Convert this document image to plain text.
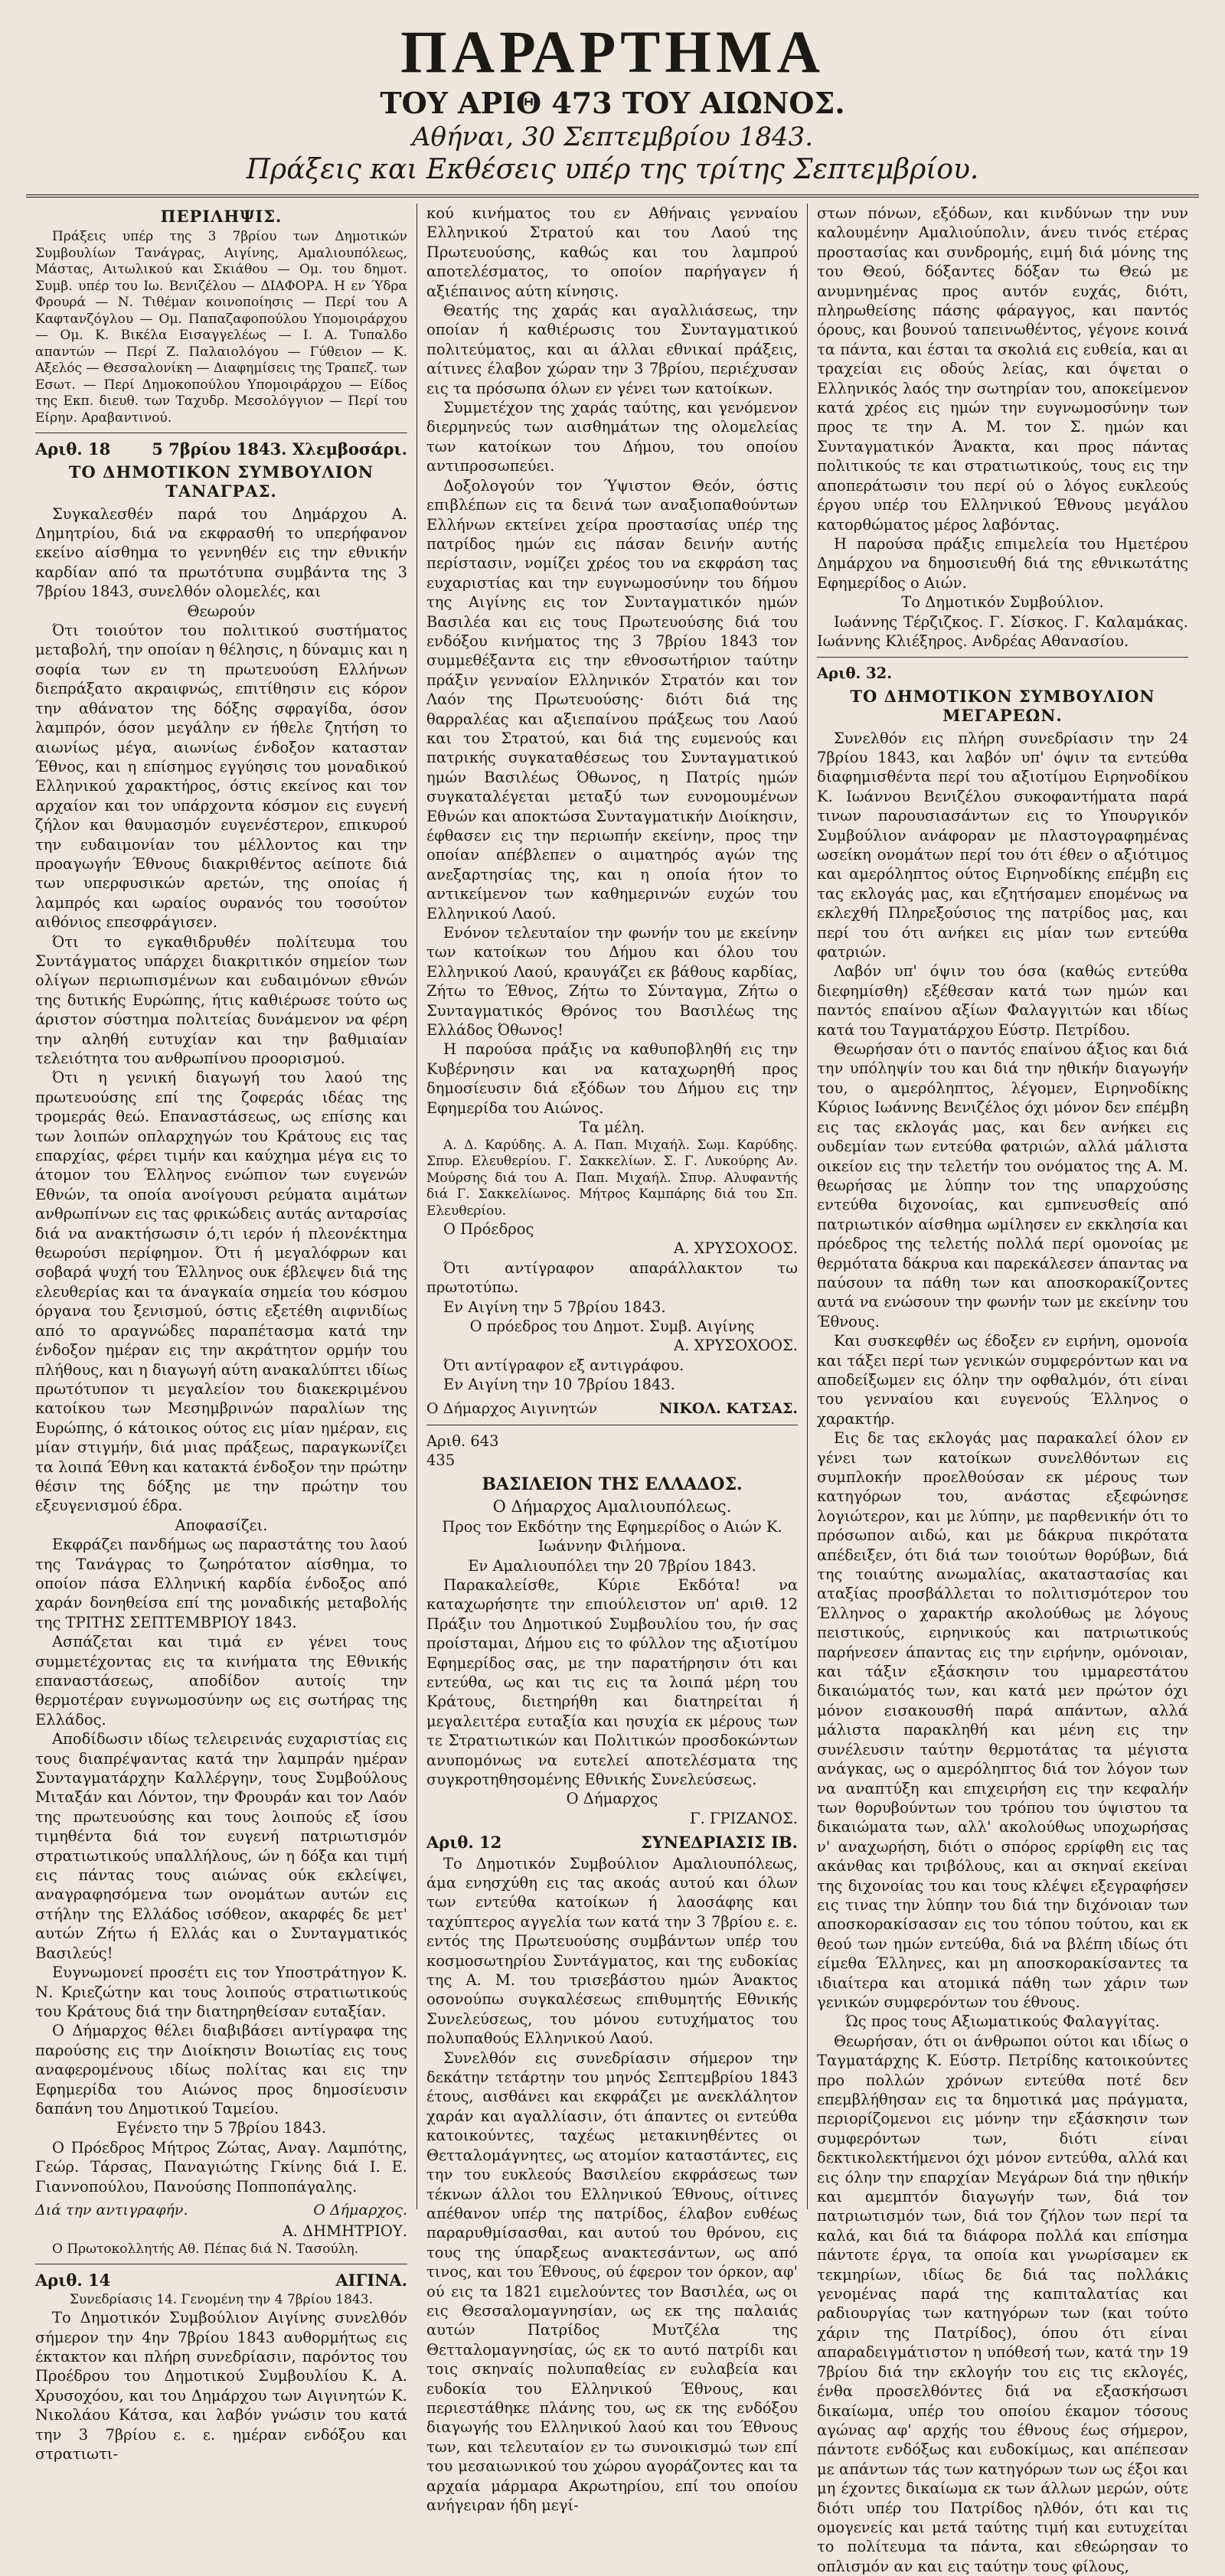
ΠΑΡΑΡΤΗΜΑ
ΤΟΥ ΑΡΙΘ 473 ΤΟΥ ΑΙΩΝΟΣ.
Αθήναι, 30 Σεπτεμβρίου 1843.
Πράξεις και Εκθέσεις υπέρ της τρίτης Σεπτεμβρίου.
ΠΕΡΙΛΗΨΙΣ.

Πράξεις υπέρ της 3 7βρίου των Δημοτικών Συμβουλίων Τανάγρας, Αιγίνης, Αμαλιουπόλεως, Μάστας, Αιτωλικού και Σκιάθου — Ομ. του δημοτ. Συμβ. υπέρ του Ιω. Βενιζέλου — ΔΙΑΦΟΡΑ. Η εν Ύδρα Φρουρά — Ν. Τιθέμαν κοινοποίησις — Περί του Α Καφτανζόγλου — Ομ. Παπαζαφοπούλου Υπομοιράρχου — Ομ. Κ. Βικέλα Εισαγγελέως — Ι. Α. Τυπαλδο απαντών — Περί Ζ. Παλαιολόγου — Γύθειον — Κ. Αξελός — Θεσσαλονίκη — Διαφημίσεις της Τραπεζ. των Εσωτ. — Περί Δημοκοπούλου Υπομοιράρχου — Είδος της Εκπ. διευθ. των Ταχυδρ. Μεσολόγγιον — Περί του Είρην. Αραβαντινού.

Αριθ. 18	5 7βρίου 1843. Χλεμβοσάρι.
ΤΟ ΔΗΜΟΤΙΚΟΝ ΣΥΜΒΟΥΛΙΟΝ ΤΑΝΑΓΡΑΣ.

Συγκαλεσθέν παρά του Δημάρχου Α. Δημητρίου, διά να εκφρασθή το υπερήφανον εκείνο αίσθημα το γεννηθέν εις την εθνικήν καρδίαν από τα πρωτότυπα συμβάντα της 3 7βρίου 1843, συνελθόν ολομελές, και

Θεωρούν

Ότι τοιούτον του πολιτικού συστήματος μεταβολή, την οποίαν η θέλησις, η δύναμις και η σοφία των εν τη πρωτευούση Ελλήνων διεπράξατο ακραιφνώς, επιτίθησιν εις κόρον την αθάνατον της δόξης σφραγίδα, όσον λαμπρόν, όσον μεγάλην εν ήθελε ζητήση το αιωνίως μέγα, αιωνίως ένδοξον κατασταν Έθνος, και η επίσημος εγγύησις του μοναδικού Ελληνικού χαρακτήρος, όστις εκείνος και τον αρχαίον και τον υπάρχοντα κόσμον εις ευγενή ζήλον και θαυμασμόν ευγενέστερον, επικυρού την ευδαιμονίαν του μέλλοντος και την προαγωγήν Έθνους διακριθέντος αείποτε διά των υπερφυσικών αρετών, της οποίας ή λαμπρός και ωραίος ουρανός του τοσούτον αιθόνιος επεσφράγισεν.

Ότι το εγκαθιδρυθέν πολίτευμα του Συντάγματος υπάρχει διακριτικόν σημείον των ολίγων περιωπισμένων και ευδαιμόνων εθνών της δυτικής Ευρώπης, ήτις καθιέρωσε τούτο ως άριστον σύστημα πολιτείας δυνάμενον να φέρη την αληθή ευτυχίαν και την βαθμιαίαν τελειότητα του ανθρωπίνου προορισμού.

Ότι η γενική διαγωγή του λαού της πρωτευούσης επί της ζοφεράς ιδέας της τρομεράς θεώ. Επαναστάσεως, ως επίσης και των λοιπών οπλαρχηγών του Κράτους εις τας επαρχίας, φέρει τιμήν και καύχημα μέγα εις το άτομον του Έλληνος ενώπιον των ευγενών Εθνών, τα οποία ανοίγουσι ρεύματα αιμάτων ανθρωπίνων εις τας φρικώδεις αυτάς ανταρσίας διά να ανακτήσωσιν ό,τι ιερόν ή πλεονέκτημα θεωρούσι περίφημον. Ότι ή μεγαλόφρων και σοβαρά ψυχή του Έλληνος ουκ έβλεψεν διά της ελευθερίας και τα άναγκαία σημεία του κόσμου όργανα του ξενισμού, όστις εξετέθη αιφνιδίως από το αραγνώδες παραπέτασμα κατά την ένδοξον ημέραν εις την ακράτητον ορμήν του πλήθους, και η διαγωγή αύτη ανακαλύπτει ιδίως πρωτότυπον τι μεγαλείον του διακεκριμένου κατοίκου των Μεσημβρινών παραλίων της Ευρώπης, ό κάτοικος ούτος εις μίαν ημέραν, εις μίαν στιγμήν, διά μιας πράξεως, παραγκωνίζει τα λοιπά Έθνη και κατακτά ένδοξον την πρώτην θέσιν της δόξης με την πρώτην του εξευγενισμού έδρα.

Αποφασίζει.

Εκφράζει πανδήμως ως παραστάτης του λαού της Τανάγρας το ζωηρότατον αίσθημα, το οποίον πάσα Ελληνική καρδία ένδοξος από χαράν δονηθείσα επί της μοναδικής μεταβολής της ΤΡΙΤΗΣ ΣΕΠΤΕΜΒΡΙΟΥ 1843.

Ασπάζεται και τιμά εν γένει τους συμμετέχοντας εις τα κινήματα της Εθνικής επαναστάσεως, αποδίδον αυτοίς την θερμοτέραν ευγνωμοσύνην ως εις σωτήρας της Ελλάδος.

Αποδίδωσιν ιδίως τελειρεινάς ευχαριστίας εις τους διαπρέψαντας κατά την λαμπράν ημέραν Συνταγματάρχην Καλλέργην, τους Συμβούλους Μιταξάν και Λόντον, την Φρουράν και τον Λαόν της πρωτευούσης και τους λοιπούς εξ ίσου τιμηθέντα διά τον ευγενή πατριωτισμόν στρατιωτικούς υπαλλήλους, ών η δόξα και τιμή εις πάντας τους αιώνας ούκ εκλείψει, αναγραφησόμενα των ονομάτων αυτών εις στήλην της Ελλάδος ισόθεον, ακαρφές δε μετ' αυτών Ζήτω ή Ελλάς και ο Συνταγματικός Βασιλεύς!

Ευγνωμονεί προσέτι εις τον Υποστράτηγον Κ. Ν. Κριεζώτην και τους λοιπούς στρατιωτικούς του Κράτους διά την διατηρηθείσαν ευταξίαν.

Ο Δήμαρχος θέλει διαβιβάσει αντίγραφα της παρούσης εις την Διοίκησιν Βοιωτίας εις τους αναφερομένους ιδίως πολίτας και εις την Εφημερίδα του Αιώνος προς δημοσίευσιν δαπάνη του Δημοτικού Ταμείου.

Εγένετο την 5 7βρίου 1843.

Ο Πρόεδρος Μήτρος Ζώτας, Αναγ. Λαμπότης, Γεώρ. Τάρσας, Παναγιώτης Γκίνης διά Ι. Ε. Γιαννοπούλου, Πανούσης Ποπποπάγαλης.

Διά την αντιγραφήν.	Ο Δήμαρχος.

Α. ΔΗΜΗΤΡΙΟΥ.

Ο Πρωτοκολλητής Αθ. Πέπας διά Ν. Τασούλη.

Αριθ. 14	ΑΙΓΙΝΑ.

Συνεδρίασις 14. Γενομένη την 4 7βρίου 1843.

Το Δημοτικόν Συμβούλιον Αιγίνης συνελθόν σήμερον την 4ην 7βρίου 1843 αυθορμήτως εις έκτακτον και πλήρη συνεδρίασιν, παρόντος του Προέδρου του Δημοτικού Συμβουλίου Κ. Α. Χρυσοχόου, και του Δημάρχου των Αιγινητών Κ. Νικολάου Κάτσα, και λαβόν γνώσιν του κατά την 3 7βρίου ε. ε. ημέραν ενδόξου και στρατιωτι-

κού κινήματος του εν Αθήναις γενναίου Ελληνικού Στρατού και του Λαού της Πρωτευούσης, καθώς και του λαμπρού αποτελέσματος, το οποίον παρήγαγεν ή αξιέπαινος αύτη κίνησις.

Θεατής της χαράς και αγαλλιάσεως, την οποίαν ή καθιέρωσις του Συνταγματικού πολιτεύματος, και αι άλλαι εθνικαί πράξεις, αίτινες έλαβον χώραν την 3 7βρίου, περιέχυσαν εις τα πρόσωπα όλων εν γένει των κατοίκων.

Συμμετέχον της χαράς ταύτης, και γενόμενον διερμηνεύς των αισθημάτων της ολομελείας των κατοίκων του Δήμου, του οποίου αντιπροσωπεύει.

Δοξολογούν τον Ύψιστον Θεόν, όστις επιβλέπων εις τα δεινά των αναξιοπαθούντων Ελλήνων εκτείνει χείρα προστασίας υπέρ της πατρίδος ημών εις πάσαν δεινήν αυτής περίστασιν, νομίζει χρέος του να εκφράση τας ευχαριστίας και την ευγνωμοσύνην του δήμου της Αιγίνης εις τον Συνταγματικόν ημών Βασιλέα και εις τους Πρωτευούσης διά του ενδόξου κινήματος της 3 7βρίου 1843 τον συμμεθέξαντα εις την εθνοσωτήριον ταύτην πράξιν γενναίον Ελληνικόν Στρατόν και τον Λαόν της Πρωτευούσης· διότι διά της θαρραλέας και αξιεπαίνου πράξεως του Λαού και του Στρατού, και διά της ευμενούς και πατρικής συγκαταθέσεως του Συνταγματικού ημών Βασιλέως Όθωνος, η Πατρίς ημών συγκαταλέγεται μεταξύ των ευνομουμένων Εθνών και αποκτώσα Συνταγματικήν Διοίκησιν, έφθασεν εις την περιωπήν εκείνην, προς την οποίαν απέβλεπεν ο αιματηρός αγών της ανεξαρτησίας της, και η οποία ήτον το αντικείμενον των καθημερινών ευχών του Ελληνικού Λαού.

Ενόνον τελευταίον την φωνήν του με εκείνην των κατοίκων του Δήμου και όλου του Ελληνικού Λαού, κραυγάζει εκ βάθους καρδίας, Ζήτω το Έθνος, Ζήτω το Σύνταγμα, Ζήτω ο Συνταγματικός Θρόνος του Βασιλέως της Ελλάδος Όθωνος!

Η παρούσα πράξις να καθυποβληθή εις την Κυβέρνησιν και να καταχωρηθή προς δημοσίευσιν διά εξόδων του Δήμου εις την Εφημερίδα του Αιώνος.

Τα μέλη.

Α. Δ. Καρύδης. Α. Α. Παπ. Μιχαήλ. Σωμ. Καρύδης. Σπυρ. Ελευθερίου. Γ. Σακκελίων. Σ. Γ. Λυκούρης Αν. Μούρσης διά του Α. Παπ. Μιχαήλ. Σπυρ. Αλυφαντής διά Γ. Σακκελίωνος. Μήτρος Καμπάρης διά του Σπ. Ελευθερίου.

Ο Πρόεδρος

Α. ΧΡΥΣΟΧΟΟΣ.

Ότι αντίγραφον απαράλλακτον τω πρωτοτύπω.

Εν Αιγίνη την 5 7βρίου 1843.

Ο πρόεδρος του Δημοτ. Συμβ. Αιγίνης

Α. ΧΡΥΣΟΧΟΟΣ.

Ότι αντίγραφον εξ αντιγράφου.

Εν Αιγίνη την 10 7βρίου 1843.

Ο Δήμαρχος Αιγινητών	ΝΙΚΟΛ. ΚΑΤΣΑΣ.

Αριθ. 643

435

ΒΑΣΙΛΕΙΟΝ ΤΗΣ ΕΛΛΑΔΟΣ.

Ο Δήμαρχος Αμαλιουπόλεως.

Προς τον Εκδότην της Εφημερίδος ο Αιών Κ. Ιωάννην Φιλήμονα.

Εν Αμαλιουπόλει την 20 7βρίου 1843.

Παρακαλείσθε, Κύριε Εκδότα! να καταχωρήσητε την επιούλειστον υπ' αριθ. 12 Πράξιν του Δημοτικού Συμβουλίου του, ήν σας προίσταμαι, Δήμου εις το φύλλον της αξιοτίμου Εφημερίδος σας, με την παρατήρησιν ότι και εντεύθα, ως και τις εις τα λοιπά μέρη του Κράτους, διετηρήθη και διατηρείται ή μεγαλειτέρα ευταξία και ησυχία εκ μέρους των τε Στρατιωτικών και Πολιτικών προσδοκώντων ανυπομόνως να ευτελεί αποτελέσματα της συγκροτηθησομένης Εθνικής Συνελεύσεως.

Ο Δήμαρχος

Γ. ΓΡΙΖΑΝΟΣ.

Αριθ. 12	ΣΥΝΕΔΡΙΑΣΙΣ ΙΒ.

Το Δημοτικόν Συμβούλιον Αμαλιουπόλεως, άμα ενησχύθη εις τας ακοάς αυτού και όλων των εντεύθα κατοίκων ή λαοσάφης και ταχύπτερος αγγελία των κατά την 3 7βρίου ε. ε. εντός της Πρωτευούσης συμβάντων υπέρ του κοσμοσωτηρίου Συντάγματος, και της ευδοκίας της Α. Μ. του τρισεβάστου ημών Άνακτος οσονούπω συγκαλέσεως επιθυμητής Εθνικής Συνελεύσεως, του μόνου ευτυχήματος του πολυπαθούς Ελληνικού Λαού.

Συνελθόν εις συνεδρίασιν σήμερον την δεκάτην τετάρτην του μηνός Σεπτεμβρίου 1843 έτους, αισθάνει και εκφράζει με ανεκλάλητον χαράν και αγαλλίασιν, ότι άπαντες οι εντεύθα κατοικούντες, ταχέως μετακινηθέντες οι Θετταλομάγνητες, ως ατομίον καταστάντες, εις την του ευκλεούς Βασιλείου εκφράσεως των τέκνων άλλοι του Ελληνικού Έθνους, οίτινες απέθανον υπέρ της πατρίδος, έλαβον ευθέως παραρυθμίσασθαι, και αυτού του θρόνου, εις τους της ύπαρξεως ανακτεσάντων, ως από τινος, και του Έθνους, ού έφερον τον όρκον, αφ' ού εις τα 1821 ειμελούντες τον Βασιλέα, ως οι εις Θεσσαλομαγνησίαν, ως εκ της παλαιάς αυτών Πατρίδος Μυτζέλα της Θετταλομαγνησίας, ώς εκ το αυτό πατρίδι και τοις σκηναίς πολυπαθείας εν ευλαβεία και ευδοκία του Ελληνικού Έθνους, και περιεστάθηκε πλάνης του, ως εκ της ενδόξου διαγωγής του Ελληνικού λαού και του Έθνους των, και τελευταίον εν τω συνοικισμώ των επί του μεσαιωνικού του χώρου αγοράζοντες και τα αρχαία μάρμαρα Ακρωτηρίου, επί του οποίου ανήγειραν ήδη μεγί-

στων πόνων, εξόδων, και κινδύνων την νυν καλουμένην Αμαλιούπολιν, άνευ τινός ετέρας προστασίας και συνδρομής, ειμή διά μόνης της του Θεού, δόξαντες δόξαν τω Θεώ με ανυμνημένας προς αυτόν ευχάς, διότι, πληρωθείσης πάσης φάραγγος, και παντός όρους, και βουνού ταπεινωθέντος, γέγονε κοινά τα πάντα, και έσται τα σκολιά εις ευθεία, και αι τραχείαι εις οδούς λείας, και όψεται ο Ελληνικός λαός την σωτηρίαν του, αποκείμενον κατά χρέος εις ημών την ευγνωμοσύνην των προς τε την Α. Μ. τον Σ. ημών και Συνταγματικόν Άνακτα, και προς πάντας πολιτικούς τε και στρατιωτικούς, τους εις την αποπεράτωσιν του περί ού ο λόγος ευκλεούς έργου υπέρ του Ελληνικού Έθνους μεγάλου κατορθώματος μέρος λαβόντας.

Η παρούσα πράξις επιμελεία του Ημετέρου Δημάρχου να δημοσιευθή διά της εθνικωτάτης Εφημερίδος ο Αιών.

Το Δημοτικόν Συμβούλιον.

Ιωάννης Τέρζιζκος. Γ. Σίσκος. Γ. Καλαμάκας. Ιωάννης Κλιέξηρος. Ανδρέας Αθανασίου.

Αριθ. 32.

ΤΟ ΔΗΜΟΤΙΚΟΝ ΣΥΜΒΟΥΛΙΟΝ ΜΕΓΑΡΕΩΝ.

Συνελθόν εις πλήρη συνεδρίασιν την 24 7βρίου 1843, και λαβόν υπ' όψιν τα εντεύθα διαφημισθέντα περί του αξιοτίμου Ειρηνοδίκου Κ. Ιωάννου Βενιζέλου συκοφαντήματα παρά τινων παρουσιασάντων εις το Υπουργικόν Συμβούλιον ανάφοραν με πλαστογραφημένας ωσείκη ονομάτων περί του ότι έθεν ο αξιότιμος και αμερόληπτος ούτος Ειρηνοδίκης επέμβη εις τας εκλογάς μας, και εζητήσαμεν επομένως να εκλεχθή Πληρεξούσιος της πατρίδος μας, και περί του ότι ανήκει εις μίαν των εντεύθα φατριών.

Λαβόν υπ' όψιν του όσα (καθώς εντεύθα διεφημίσθη) εξέθεσαν κατά των ημών και παντός επαίνου αξίων Φαλαγγιτών και ιδίως κατά του Ταγματάρχου Εύστρ. Πετρίδου.

Θεωρήσαν ότι ο παντός επαίνου άξιος και διά την υπόληψίν του και διά την ηθικήν διαγωγήν του, ο αμερόληπτος, λέγομεν, Ειρηνοδίκης Κύριος Ιωάννης Βενιζέλος όχι μόνον δεν επέμβη εις τας εκλογάς μας, και δεν ανήκει εις ουδεμίαν των εντεύθα φατριών, αλλά μάλιστα οικείον εις την τελετήν του ονόματος της Α. Μ. θεωρήσας με λύπην τον της υπαρχούσης εντεύθα διχονοίας, και εμπνευσθείς από πατριωτικόν αίσθημα ωμίλησεν εν εκκλησία και πρόεδρος της τελετής πολλά περί ομονοίας με θερμότατα δάκρυα και παρεκάλεσεν άπαντας να παύσουν τα πάθη των και αποσκορακίζοντες αυτά να ενώσουν την φωνήν των με εκείνην του Έθνους.

Και συσκεφθέν ως έδοξεν εν ειρήνη, ομονοία και τάξει περί των γενικών συμφερόντων και να αποδείξωμεν εις όλην την οφθαλμόν, ότι είναι του γενναίου και ευγενούς Έλληνος ο χαρακτήρ.

Εις δε τας εκλογάς μας παρακαλεί όλον εν γένει των κατοίκων συνελθόντων εις συμπλοκήν προελθούσαν εκ μέρους των κατηγόρων του, ανάστας εξεφώνησε λογιώτερον, και με λύπην, με παρθενικήν ότι το πρόσωπον αιδώ, και με δάκρυα πικρότατα απέδειξεν, ότι διά των τοιούτων θορύβων, διά της τοιαύτης ανωμαλίας, ακαταστασίας και αταξίας προσβάλλεται το πολιτισμότερον του Έλληνος ο χαρακτήρ ακολούθως με λόγους πειστικούς, ειρηνικούς και πατριωτικούς παρήνεσεν άπαντας εις την ειρήνην, ομόνοιαν, και τάξιν εξάσκησιν του ιμμαρεστάτου δικαιώματός των, και κατά μεν πρώτον όχι μόνον εισακουσθή παρά απάντων, αλλά μάλιστα παρακληθή και μένη εις την συνέλευσιν ταύτην θερμοτάτας τα μέγιστα ανάγκας, ως ο αμερόληπτος διά τον λόγον των να αναπτύξη και επιχειρήση εις την κεφαλήν των θορυβούντων του τρόπου του ύψιστου τα δικαιώματα των, αλλ' ακολούθως υποχωρήσας ν' αναχωρήση, διότι ο σπόρος ερρίφθη εις τας ακάνθας και τριβόλους, και αι σκηναί εκείναι της διχονοίας του και τους κλέψει εξεγραφήσεν εις τινας την λύπην του διά την διχόνοιαν των αποσκορακίσασαν εις του τόπου τούτου, και εκ θεού των ημών εντεύθα, διά να βλέπη ιδίως ότι είμεθα Έλληνες, και μη αποσκορακίσαντες τα ιδιαίτερα και ατομικά πάθη των χάριν των γενικών συμφερόντων του έθνους.

Ώς προς τους Αξιωματικούς Φαλαγγίτας.

Θεωρήσαν, ότι οι άνθρωποι ούτοι και ιδίως ο Ταγματάρχης Κ. Εύστρ. Πετρίδης κατοικούντες προ πολλών χρόνων εντεύθα ποτέ δεν επεμβλήθησαν εις τα δημοτικά μας πράγματα, περιορίζομενοι εις μόνην την εξάσκησιν των συμφερόντων των, διότι είναι δεκτικολεκτήμενοι όχι μόνον εντεύθα, αλλά και εις όλην την επαρχίαν Μεγάρων διά την ηθικήν και αμεμπτόν διαγωγήν των, διά τον πατριωτισμόν των, διά τον ζήλον των περί τα καλά, και διά τα διάφορα πολλά και επίσημα πάντοτε έργα, τα οποία και γνωρίσαμεν εκ τεκμηρίων, ιδίως δε διά τας πολλάκις γενομένας παρά της καπιταλατίας και ραδιουργίας των κατηγόρων των (και τούτο χάριν της Πατρίδος), όπου ότι είναι απαραδειγμάτιστον η υπόθεσή των, κατά την 19 7βρίου διά την εκλογήν του εις τις εκλογές, ένθα προσελθόντες διά να εξασκήσωσι δικαίωμα, υπέρ του οποίου έκαμον τόσους αγώνας αφ' αρχής του έθνους έως σήμερον, πάντοτε ενδόξως και ευδοκίμως, και απέπεσαν με απάντων τάς των κατηγόρων των ως έξοι και μη έχοντες δικαίωμα εκ των άλλων μερών, ούτε διότι υπέρ του Πατρίδος ηλθόν, ότι και τις ομογενείς και μετά ταύτης τιμή και ευτυχείται το πολίτευμα τα πάντα, και εθεώρησαν το οπλισμόν αν και εις ταύτην τους φίλους,
